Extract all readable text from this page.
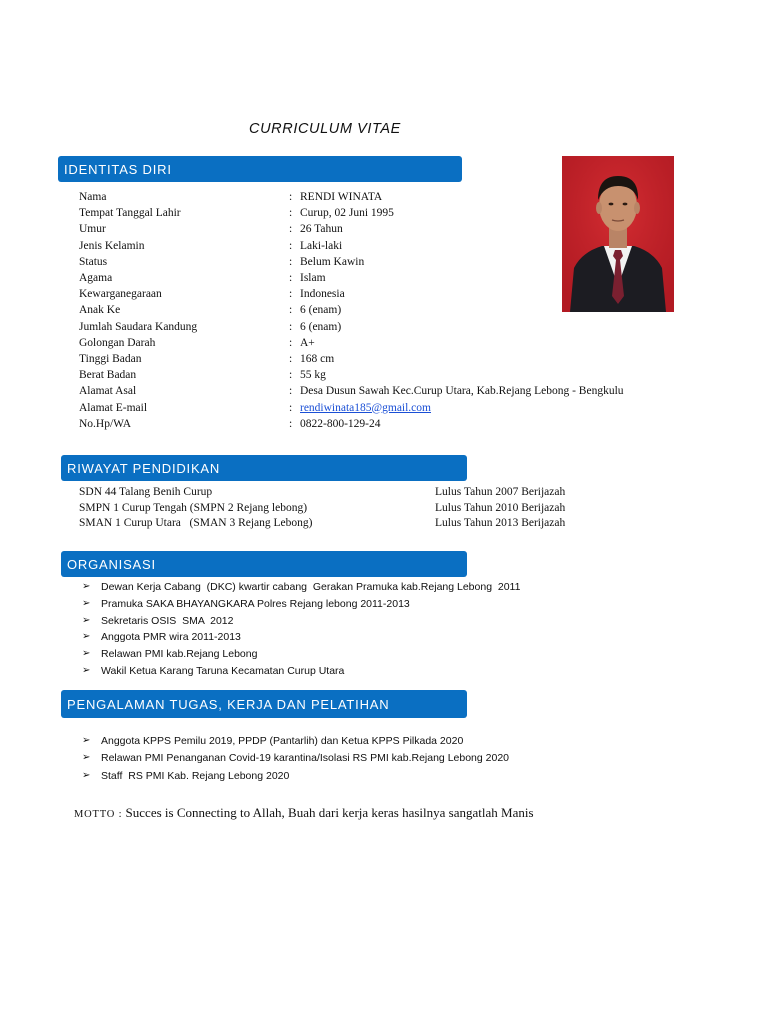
CURRICULUM VITAE
IDENTITAS DIRI
Nama	: RENDI WINATA
Tempat Tanggal Lahir	: Curup, 02 Juni 1995
Umur	: 26 Tahun
Jenis Kelamin	: Laki-laki
Status	: Belum Kawin
Agama	: Islam
Kewarganegaraan	: Indonesia
Anak Ke	: 6 (enam)
Jumlah Saudara Kandung	: 6 (enam)
Golongan Darah	: A+
Tinggi Badan	: 168 cm
Berat Badan	: 55 kg
Alamat Asal	: Desa Dusun Sawah Kec.Curup Utara, Kab.Rejang Lebong - Bengkulu
Alamat E-mail	: rendiwinata185@gmail.com
No.Hp/WA	: 0822-800-129-24
RIWAYAT PENDIDIKAN
SDN 44 Talang Benih Curup	Lulus Tahun 2007 Berijazah
SMPN 1 Curup Tengah (SMPN 2 Rejang lebong)	Lulus Tahun 2010 Berijazah
SMAN 1 Curup Utara   (SMAN 3 Rejang Lebong)	Lulus Tahun 2013 Berijazah
ORGANISASI
➢ Dewan Kerja Cabang  (DKC) kwartir cabang  Gerakan Pramuka kab.Rejang Lebong  2011
➢ Pramuka SAKA BHAYANGKARA Polres Rejang lebong 2011-2013
➢ Sekretaris OSIS  SMA  2012
➢ Anggota PMR wira 2011-2013
➢ Relawan PMI kab.Rejang Lebong
➢ Wakil Ketua Karang Taruna Kecamatan Curup Utara
PENGALAMAN TUGAS, KERJA DAN PELATIHAN
➢ Anggota KPPS Pemilu 2019, PPDP (Pantarlih) dan Ketua KPPS Pilkada 2020
➢ Relawan PMI Penanganan Covid-19 karantina/Isolasi RS PMI kab.Rejang Lebong 2020
➢ Staff  RS PMI Kab. Rejang Lebong 2020
MOTTO : Succes is Connecting to Allah, Buah dari kerja keras hasilnya sangatlah Manis
